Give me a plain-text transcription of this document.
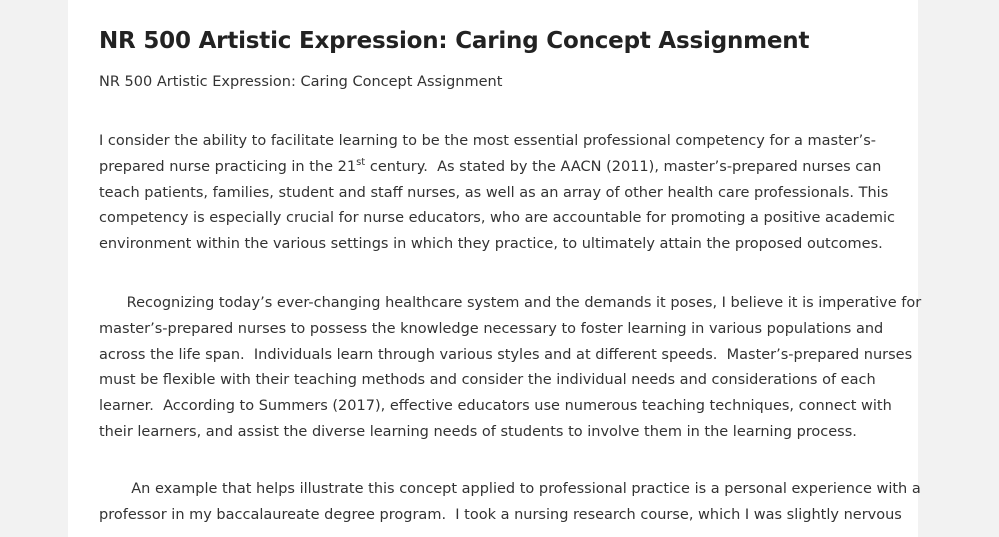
NR 500 Artistic Expression: Caring Concept Assignment
NR 500 Artistic Expression: Caring Concept Assignment
I consider the ability to facilitate learning to be the most essential professional competency for a master’s-
prepared nurse practicing in the 21st century.  As stated by the AACN (2011), master’s-prepared nurses can
teach patients, families, student and staff nurses, as well as an array of other health care professionals. This
competency is especially crucial for nurse educators, who are accountable for promoting a positive academic
environment within the various settings in which they practice, to ultimately attain the proposed outcomes.
Recognizing today’s ever-changing healthcare system and the demands it poses, I believe it is imperative for
master’s-prepared nurses to possess the knowledge necessary to foster learning in various populations and
across the life span.  Individuals learn through various styles and at different speeds.  Master’s-prepared nurses
must be flexible with their teaching methods and consider the individual needs and considerations of each
learner.  According to Summers (2017), effective educators use numerous teaching techniques, connect with
their learners, and assist the diverse learning needs of students to involve them in the learning process.
An example that helps illustrate this concept applied to professional practice is a personal experience with a
professor in my baccalaureate degree program.  I took a nursing research course, which I was slightly nervous
